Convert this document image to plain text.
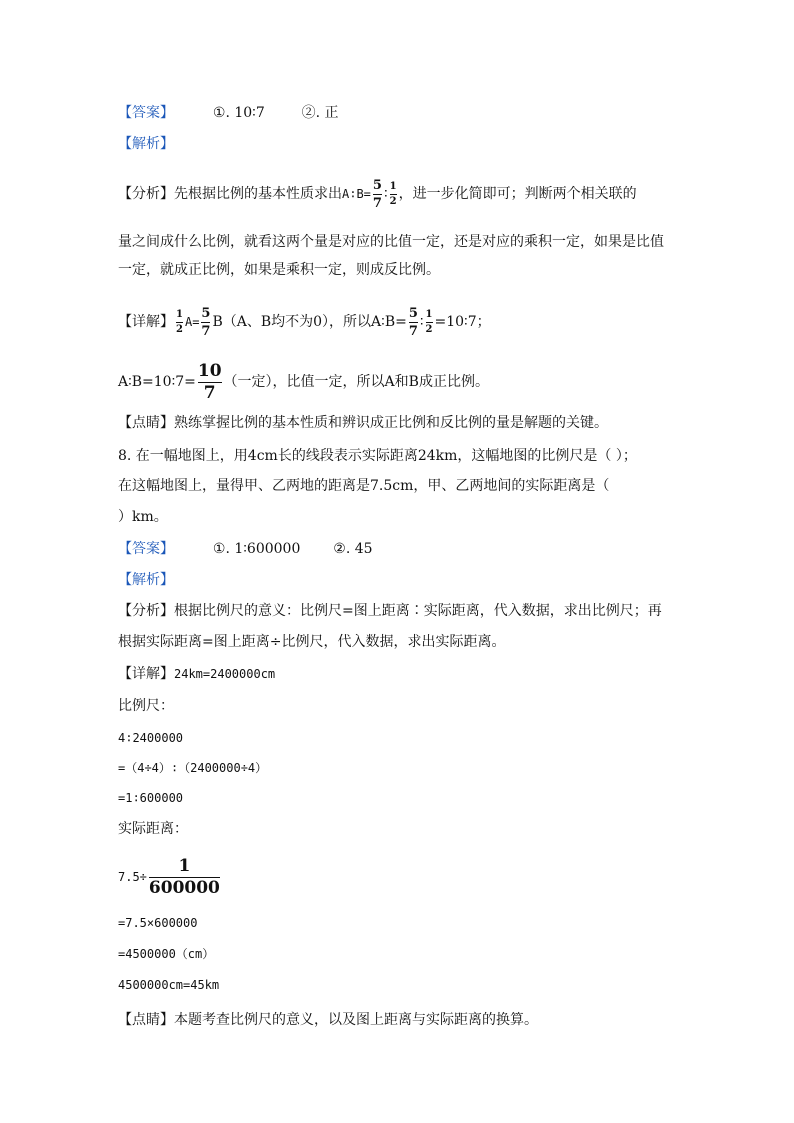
【答案】	①. 10∶7	②. 正
【解析】
【分析】先根据比例的基本性质求出A∶B= $\frac{5}{7}$ ∶ $\frac{1}{2}$ ，进一步化简即可；判断两个相关联的
量之间成什么比例，就看这两个量是对应的比值一定，还是对应的乘积一定，如果是比值
一定，就成正比例，如果是乘积一定，则成反比例。
【详解】 $\frac{1}{2} A= \frac{5}{7} B(A$、B均不为0），所以A∶B= $\frac{5}{7}$ ∶ $\frac{1}{2}$ =10∶7；
A∶B=10∶7= $\frac{10}{7}$ （一定），比值一定，所以A和B成正比例。
【点睛】熟练掌握比例的基本性质和辨识成正比例和反比例的量是解题的关键。
8. 在一幅地图上，用4cm长的线段表示实际距离24km，这幅地图的比例尺是（ ）；
在这幅地图上，量得甲、乙两地的距离是7.5cm，甲、乙两地间的实际距离是（
）km。
【答案】	①. 1∶600000 ②. 45
【解析】
【分析】根据比例尺的意义：比例尺=图上距离∶实际距离，代入数据，求出比例尺；再
根据实际距离=图上距离÷比例尺，代入数据，求出实际距离。
【详解】24km=2400000cm
比例尺：
4∶2400000
=（4÷4）∶（2400000÷4）
=1∶600000
实际距离：
$7.5\div \frac{1}{600000}$
=7.5×600000
=4500000（cm）
4500000cm=45km
【点睛】本题考查比例尺的意义，以及图上距离与实际距离的换算。
